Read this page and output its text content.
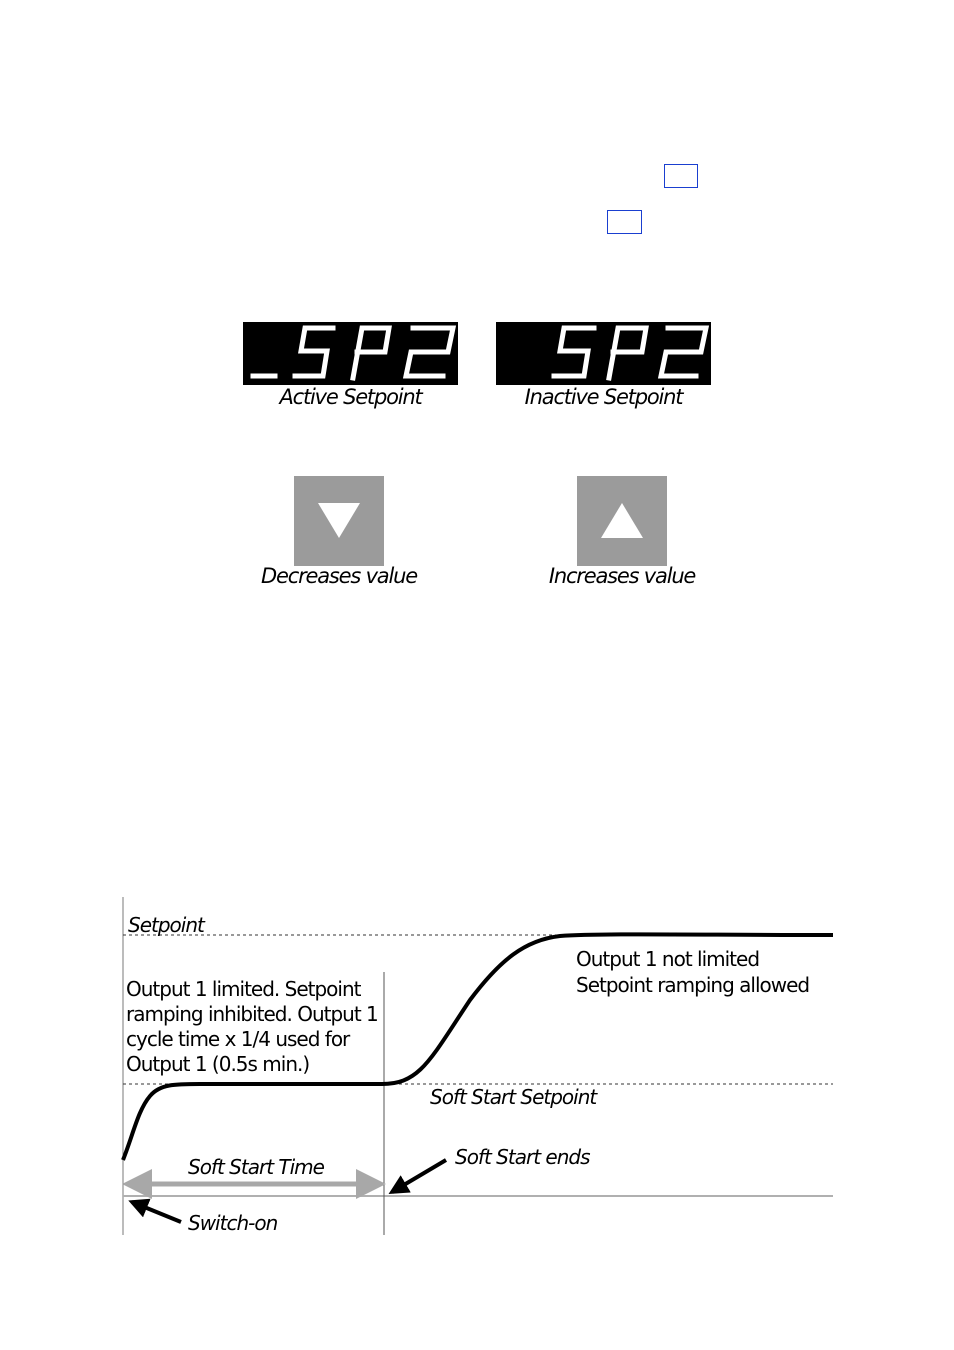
Active Setpoint	Inactive Setpoint
Decreases value	Increases value
Setpoint
Output 1 limited. Setpoint
ramping inhibited. Output 1
cycle time x 1/4 used for
Output 1 (0.5s min.)
Output 1 not limited
Setpoint ramping allowed
Soft Start Setpoint
Soft Start Time	Soft Start ends
Switch-on
